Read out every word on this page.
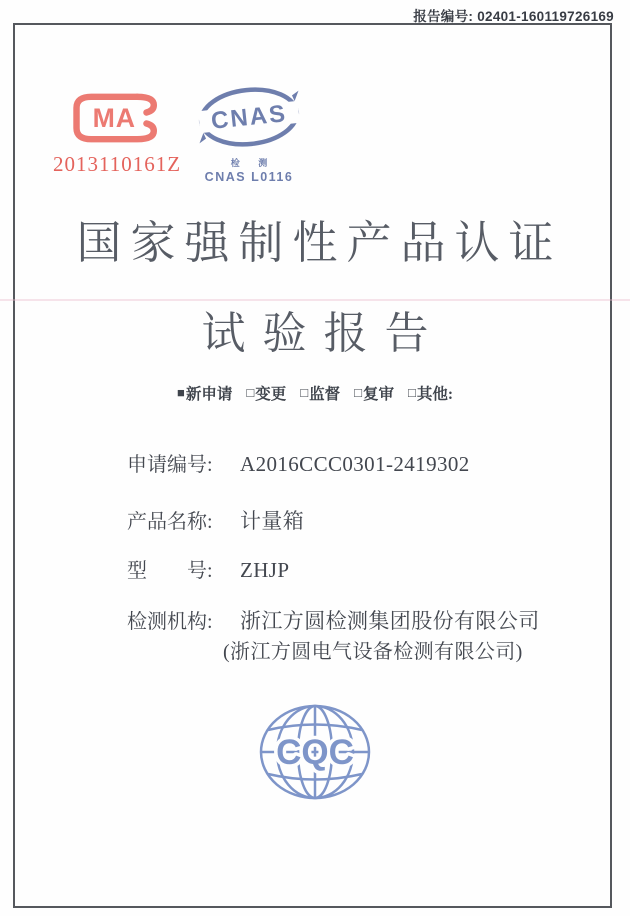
报告编号: 02401-160119726169
MA
2013110161Z
CNAS
检 测
CNAS L0116
国家强制性产品认证
试验报告
■ 新申请 □ 变更 □ 监督 □ 复审 □ 其他:
申请编号: A2016CCC0301-2419302
产品名称: 计量箱
型　　号: ZHJP
检测机构: 浙江方圆检测集团股份有限公司
(浙江方圆电气设备检测有限公司)
CQC
